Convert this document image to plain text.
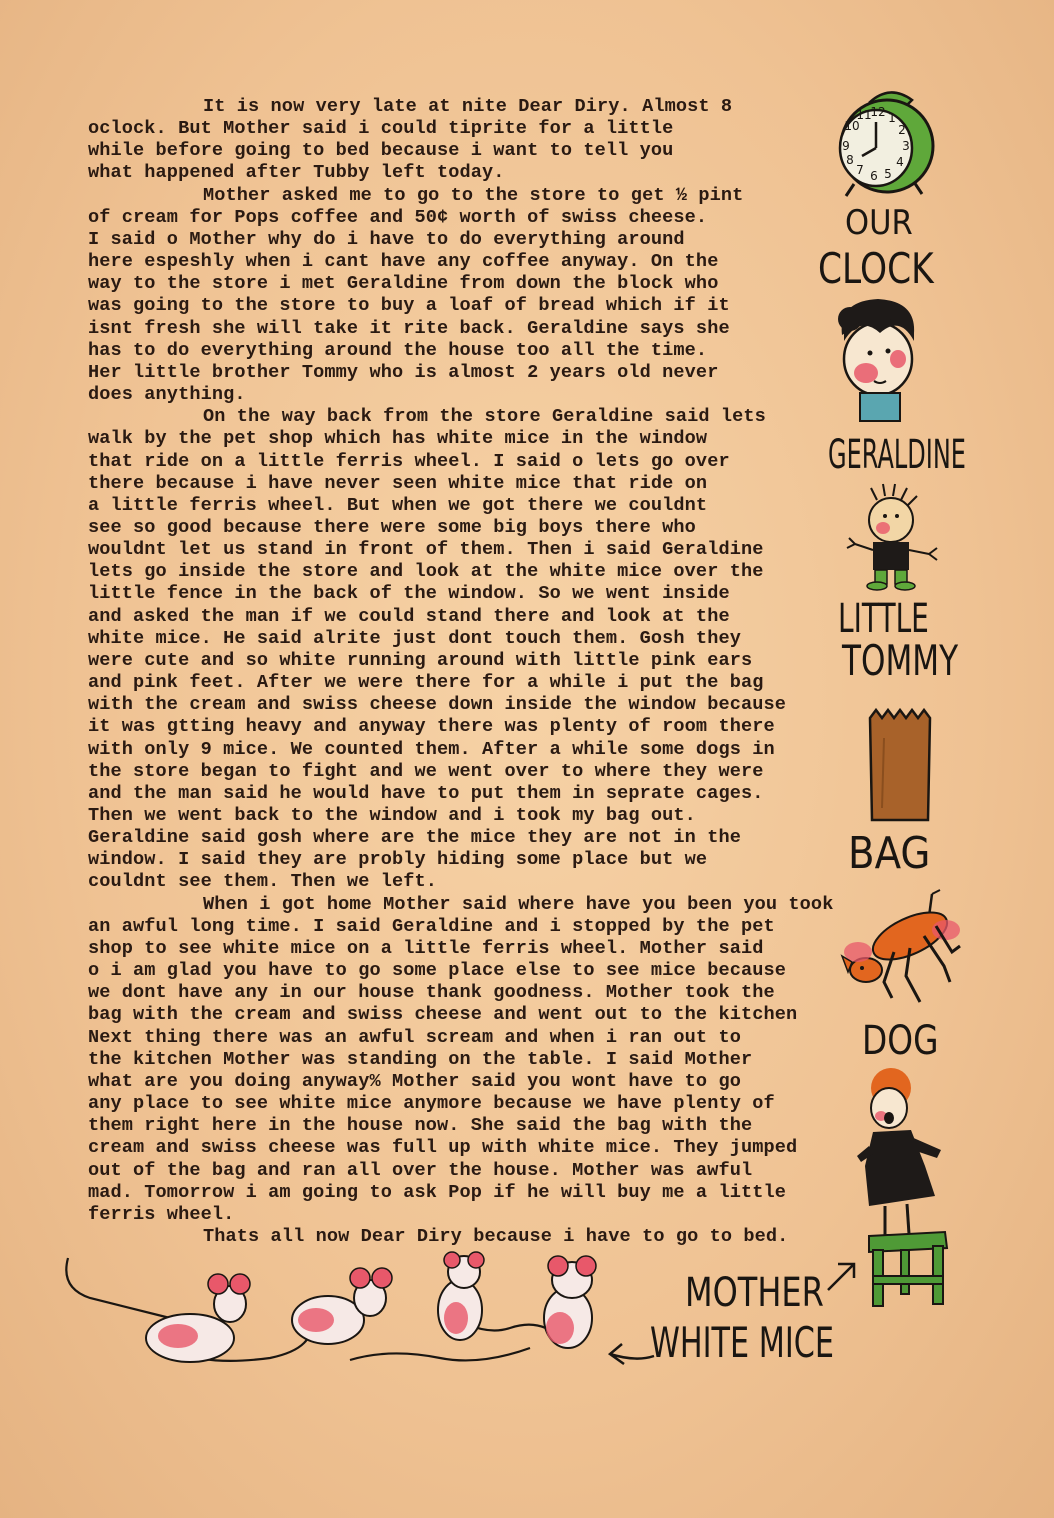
It is now very late at nite Dear Diry. Almost 8
oclock. But Mother said i could tiprite for a little
while before going to bed because i want to tell you
what happened after Tubby left today.
Mother asked me to go to the store to get ½ pint
of cream for Pops coffee and 50¢ worth of swiss cheese.
I said o Mother why do i have to do everything around
here espeshly when i cant have any coffee anyway. On the
way to the store i met Geraldine from down the block who
was going to the store to buy a loaf of bread which if it
isnt fresh she will take it rite back. Geraldine says she
has to do everything around the house too all the time.
Her little brother Tommy who is almost 2 years old never
does anything.
On the way back from the store Geraldine said lets
walk by the pet shop which has white mice in the window
that ride on a little ferris wheel. I said o lets go over
there because i have never seen white mice that ride on
a little ferris wheel. But when we got there we couldnt
see so good because there were some big boys there who
wouldnt let us stand in front of them. Then i said Geraldine
lets go inside the store and look at the white mice over the
little fence in the back of the window. So we went inside
and asked the man if we could stand there and look at the
white mice. He said alrite just dont touch them. Gosh they
were cute and so white running around with little pink ears
and pink feet. After we were there for a while i put the bag
with the cream and swiss cheese down inside the window because
it was gtting heavy and anyway there was plenty of room there
with only 9 mice. We counted them. After a while some dogs in
the store began to fight and we went over to where they were
and the man said he would have to put them in seprate cages.
Then we went back to the window and i took my bag out.
Geraldine said gosh where are the mice they are not in the
window. I said they are probly hiding some place but we
couldnt see them. Then we left.
When i got home Mother said where have you been you took
an awful long time. I said Geraldine and i stopped by the pet
shop to see white mice on a little ferris wheel. Mother said
o i am glad you have to go some place else to see mice because
we dont have any in our house thank goodness. Mother took the
bag with the cream and swiss cheese and went out to the kitchen
Next thing there was an awful scream and when i ran out to
the kitchen Mother was standing on the table. I said Mother
what are you doing anyway% Mother said you wont have to go
any place to see white mice anymore because we have plenty of
them right here in the house now. She said the bag with the
cream and swiss cheese was full up with white mice. They jumped
out of the bag and ran all over the house. Mother was awful
mad. Tomorrow i am going to ask Pop if he will buy me a little
ferris wheel.
Thats all now Dear Diry because i have to go to bed.
9
10
11
12 1
2
3
4
5
6
7
8
OUR
CLOCK
GERALDINE
LITTLE
TOMMY
BAG
DOG
MOTHER
WHITE MICE
